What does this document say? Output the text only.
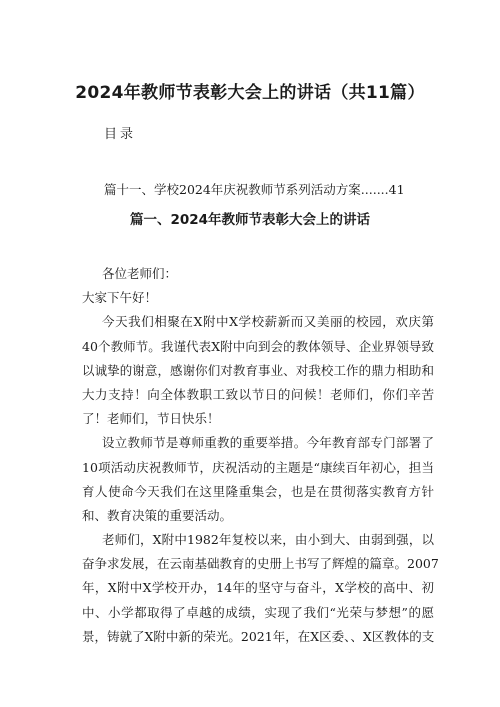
2024年教师节表彰大会上的讲话（共11篇）
目录
篇十一、学校2024年庆祝教师节系列活动方案.......41
篇一、2024年教师节表彰大会上的讲话

各位老师们：

大家下午好！

今天我们相聚在X附中X学校薪新而又美丽的校园，欢庆第

40个教师节。我谨代表X附中向到会的教体领导、企业界领导致

以诚挚的谢意，感谢你们对教育事业、对我校工作的鼎力相助和

大力支持！向全体教职工致以节日的问候！老师们，你们辛苦

了！老师们，节日快乐！

设立教师节是尊师重教的重要举措。今年教育部专门部署了

10项活动庆祝教师节，庆祝活动的主题是“康续百年初心，担当

育人使命今天我们在这里隆重集会，也是在贯彻落实教育方针

和、教育决策的重要活动。

老师们，X附中1982年复校以来，由小到大、由弱到强，以

奋争求发展，在云南基础教育的史册上书写了辉煌的篇章。2007

年，X附中X学校开办，14年的坚守与奋斗，X学校的高中、初

中、小学都取得了卓越的成绩，实现了我们“光荣与梦想”的愿

景，铸就了X附中新的荣光。2021年，在X区委、、X区教体的支
